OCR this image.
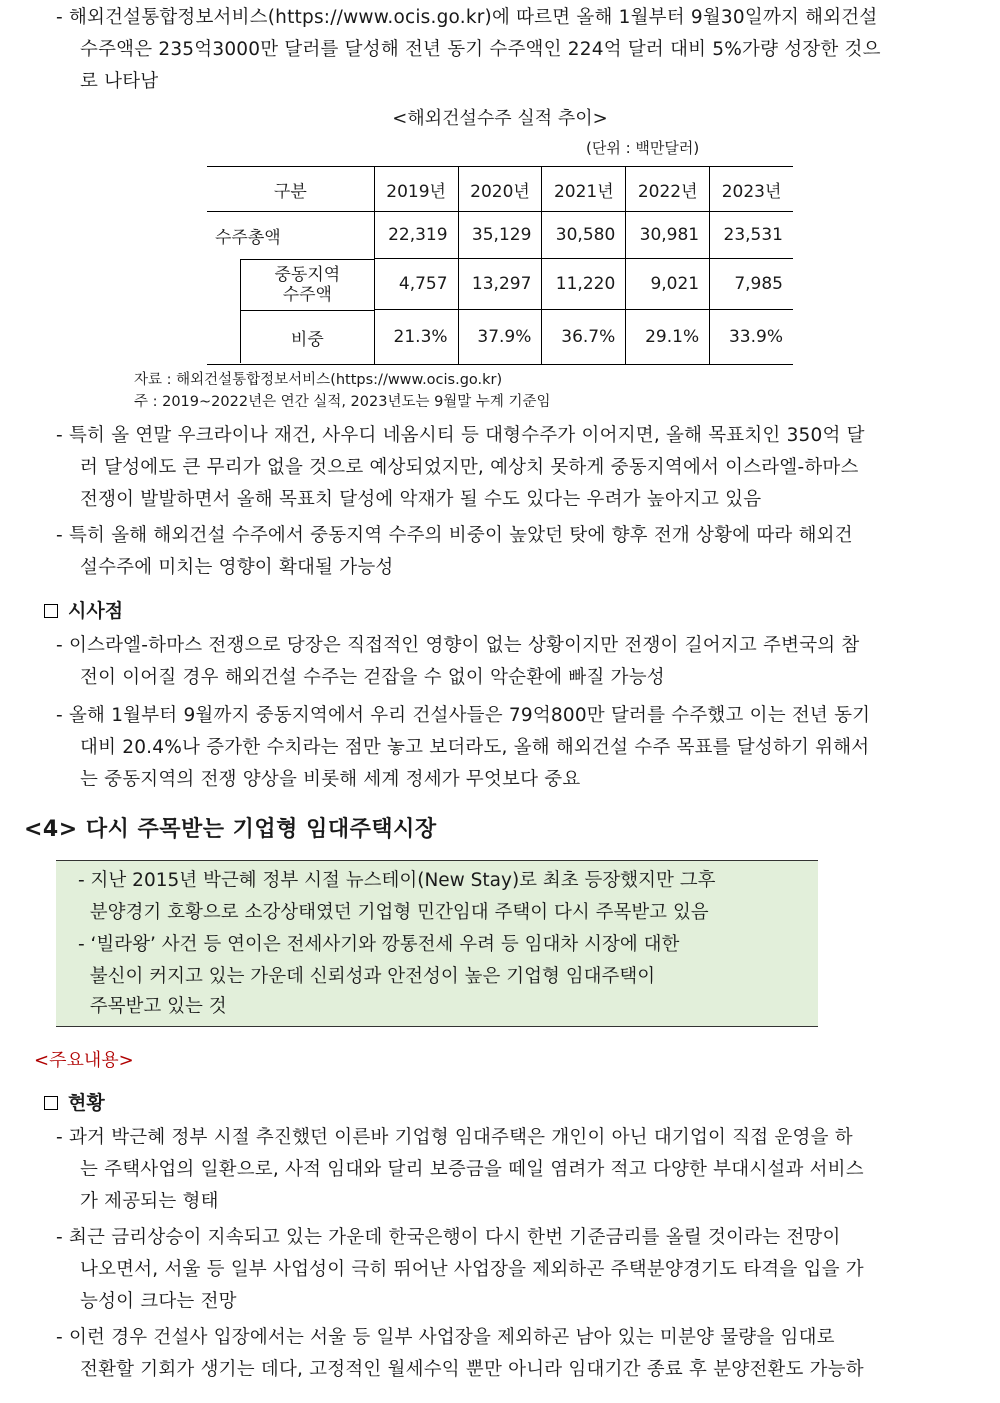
- 해외건설통합정보서비스(https://www.ocis.go.kr)에 따르면 올해 1월부터 9월30일까지 해외건설
수주액은 235억3000만 달러를 달성해 전년 동기 수주액인 224억 달러 대비 5%가량 성장한 것으
로 나타남
<해외건설수주 실적 추이>
(단위 : 백만달러)
구분	2019년	2020년	2021년	2022년	2023년
수주총액	22,319	35,129	30,580	30,981	23,531

중동지역
수주액	4,757	13,297	11,220	9,021	7,985

비중	21.3%	37.9%	36.7%	29.1%	33.9%
자료 : 해외건설통합정보서비스(https://www.ocis.go.kr)
주 : 2019~2022년은 연간 실적, 2023년도는 9월말 누계 기준임
- 특히 올 연말 우크라이나 재건, 사우디 네옴시티 등 대형수주가 이어지면, 올해 목표치인 350억 달
러 달성에도 큰 무리가 없을 것으로 예상되었지만, 예상치 못하게 중동지역에서 이스라엘-하마스
전쟁이 발발하면서 올해 목표치 달성에 악재가 될 수도 있다는 우려가 높아지고 있음
- 특히 올해 해외건설 수주에서 중동지역 수주의 비중이 높았던 탓에 향후 전개 상황에 따라 해외건
설수주에 미치는 영향이 확대될 가능성
시사점
- 이스라엘-하마스 전쟁으로 당장은 직접적인 영향이 없는 상황이지만 전쟁이 길어지고 주변국의 참
전이 이어질 경우 해외건설 수주는 걷잡을 수 없이 악순환에 빠질 가능성
- 올해 1월부터 9월까지 중동지역에서 우리 건설사들은 79억800만 달러를 수주했고 이는 전년 동기
대비 20.4%나 증가한 수치라는 점만 놓고 보더라도, 올해 해외건설 수주 목표를 달성하기 위해서
는 중동지역의 전쟁 양상을 비롯해 세계 정세가 무엇보다 중요
<4> 다시 주목받는 기업형 임대주택시장
- 지난 2015년 박근혜 정부 시절 뉴스테이(New Stay)로 최초 등장했지만 그후
분양경기 호황으로 소강상태였던 기업형 민간임대 주택이 다시 주목받고 있음
- ‘빌라왕’ 사건 등 연이은 전세사기와 깡통전세 우려 등 임대차 시장에 대한
불신이 커지고 있는 가운데 신뢰성과 안전성이 높은 기업형 임대주택이
주목받고 있는 것
<주요내용>
현황
- 과거 박근혜 정부 시절 추진했던 이른바 기업형 임대주택은 개인이 아닌 대기업이 직접 운영을 하
는 주택사업의 일환으로, 사적 임대와 달리 보증금을 떼일 염려가 적고 다양한 부대시설과 서비스
가 제공되는 형태
- 최근 금리상승이 지속되고 있는 가운데 한국은행이 다시 한번 기준금리를 올릴 것이라는 전망이
나오면서, 서울 등 일부 사업성이 극히 뛰어난 사업장을 제외하곤 주택분양경기도 타격을 입을 가
능성이 크다는 전망
- 이런 경우 건설사 입장에서는 서울 등 일부 사업장을 제외하곤 남아 있는 미분양 물량을 임대로
전환할 기회가 생기는 데다, 고정적인 월세수익 뿐만 아니라 임대기간 종료 후 분양전환도 가능하
